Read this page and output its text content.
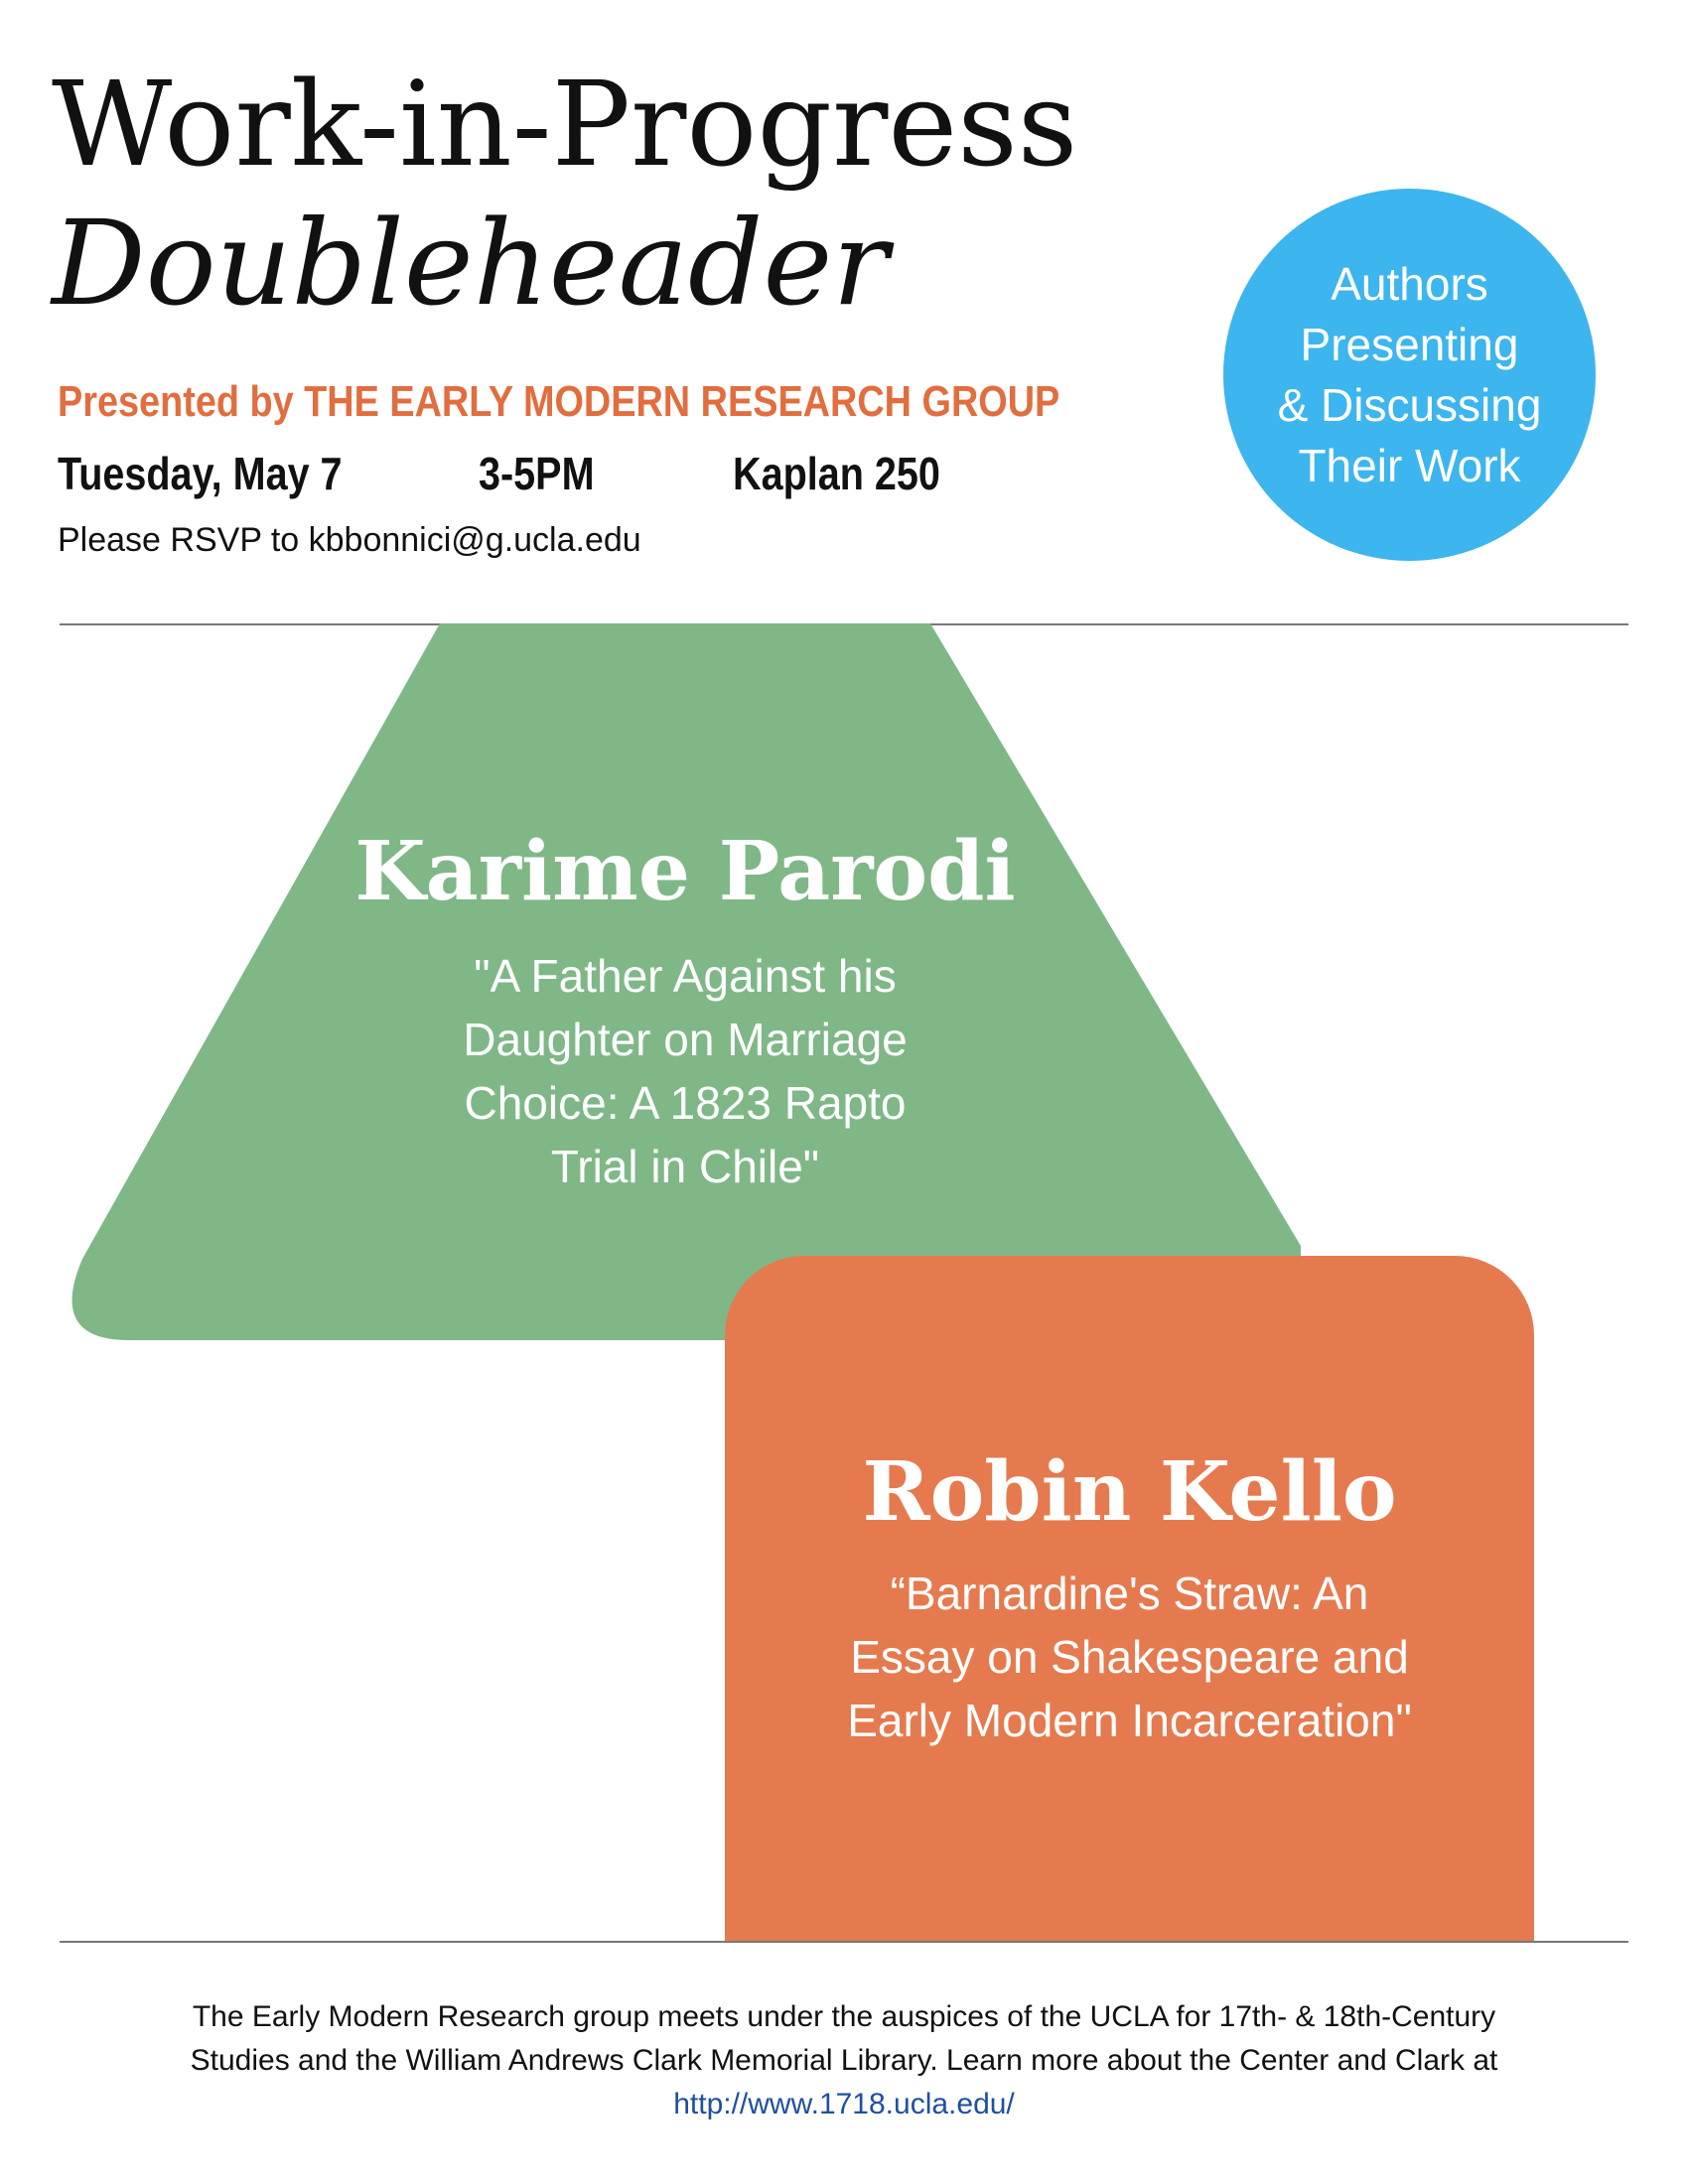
Work-in-Progress
Doubleheader
Presented by THE EARLY MODERN RESEARCH GROUP
Tuesday, May 7	3-5PM	Kaplan 250
Please RSVP to kbbonnici@g.ucla.edu
Authors
Presenting
& Discussing
Their Work
Karime Parodi
"A Father Against his
Daughter on Marriage
Choice: A 1823 Rapto
Trial in Chile"
Robin Kello
“Barnardine's Straw: An
Essay on Shakespeare and
Early Modern Incarceration"
The Early Modern Research group meets under the auspices of the UCLA for 17th- & 18th-Century
Studies and the William Andrews Clark Memorial Library. Learn more about the Center and Clark at
http://www.1718.ucla.edu/
